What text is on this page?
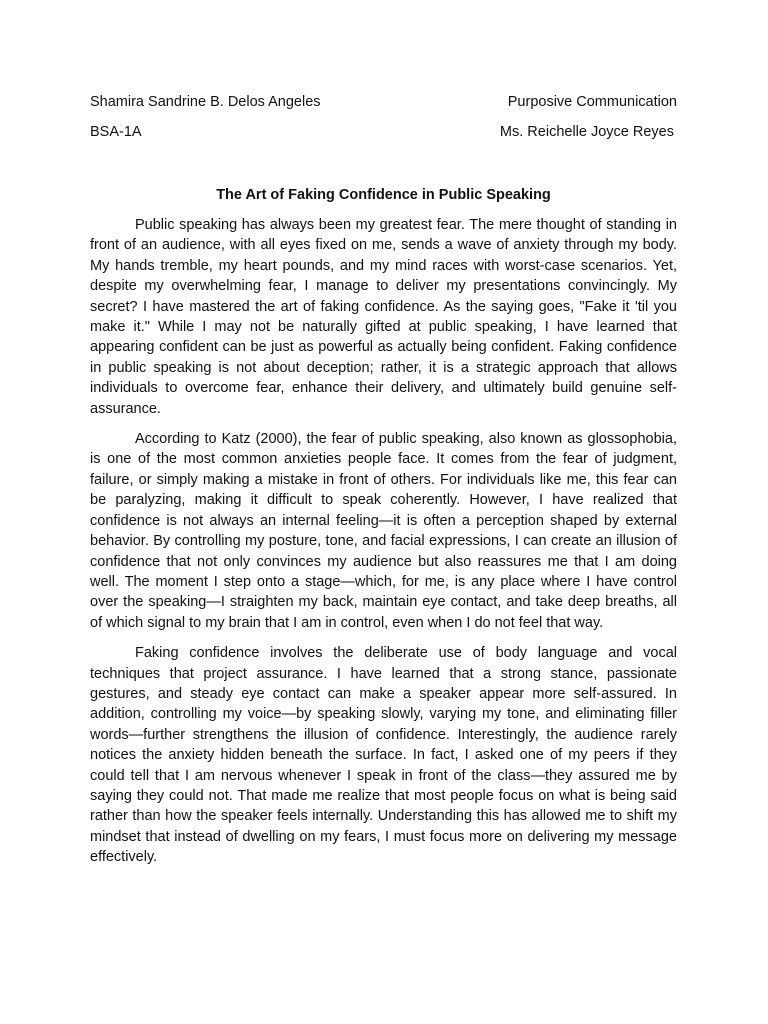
Shamira Sandrine B. Delos Angeles	Purposive Communication
BSA-1A	Ms. Reichelle Joyce Reyes
The Art of Faking Confidence in Public Speaking

Public speaking has always been my greatest fear. The mere thought of standing in front of an audience, with all eyes fixed on me, sends a wave of anxiety through my body. My hands tremble, my heart pounds, and my mind races with worst-case scenarios. Yet, despite my overwhelming fear, I manage to deliver my presentations convincingly. My secret? I have mastered the art of faking confidence. As the saying goes, "Fake it 'til you make it." While I may not be naturally gifted at public speaking, I have learned that appearing confident can be just as powerful as actually being confident. Faking confidence in public speaking is not about deception; rather, it is a strategic approach that allows individuals to overcome fear, enhance their delivery, and ultimately build genuine self-assurance.

According to Katz (2000), the fear of public speaking, also known as glossophobia, is one of the most common anxieties people face. It comes from the fear of judgment, failure, or simply making a mistake in front of others. For individuals like me, this fear can be paralyzing, making it difficult to speak coherently. However, I have realized that confidence is not always an internal feeling—it is often a perception shaped by external behavior. By controlling my posture, tone, and facial expressions, I can create an illusion of confidence that not only convinces my audience but also reassures me that I am doing well. The moment I step onto a stage—which, for me, is any place where I have control over the speaking—I straighten my back, maintain eye contact, and take deep breaths, all of which signal to my brain that I am in control, even when I do not feel that way.

Faking confidence involves the deliberate use of body language and vocal techniques that project assurance. I have learned that a strong stance, passionate gestures, and steady eye contact can make a speaker appear more self-assured. In addition, controlling my voice—by speaking slowly, varying my tone, and eliminating filler words—further strengthens the illusion of confidence. Interestingly, the audience rarely notices the anxiety hidden beneath the surface. In fact, I asked one of my peers if they could tell that I am nervous whenever I speak in front of the class—they assured me by saying they could not. That made me realize that most people focus on what is being said rather than how the speaker feels internally. Understanding this has allowed me to shift my mindset that instead of dwelling on my fears, I must focus more on delivering my message effectively.
